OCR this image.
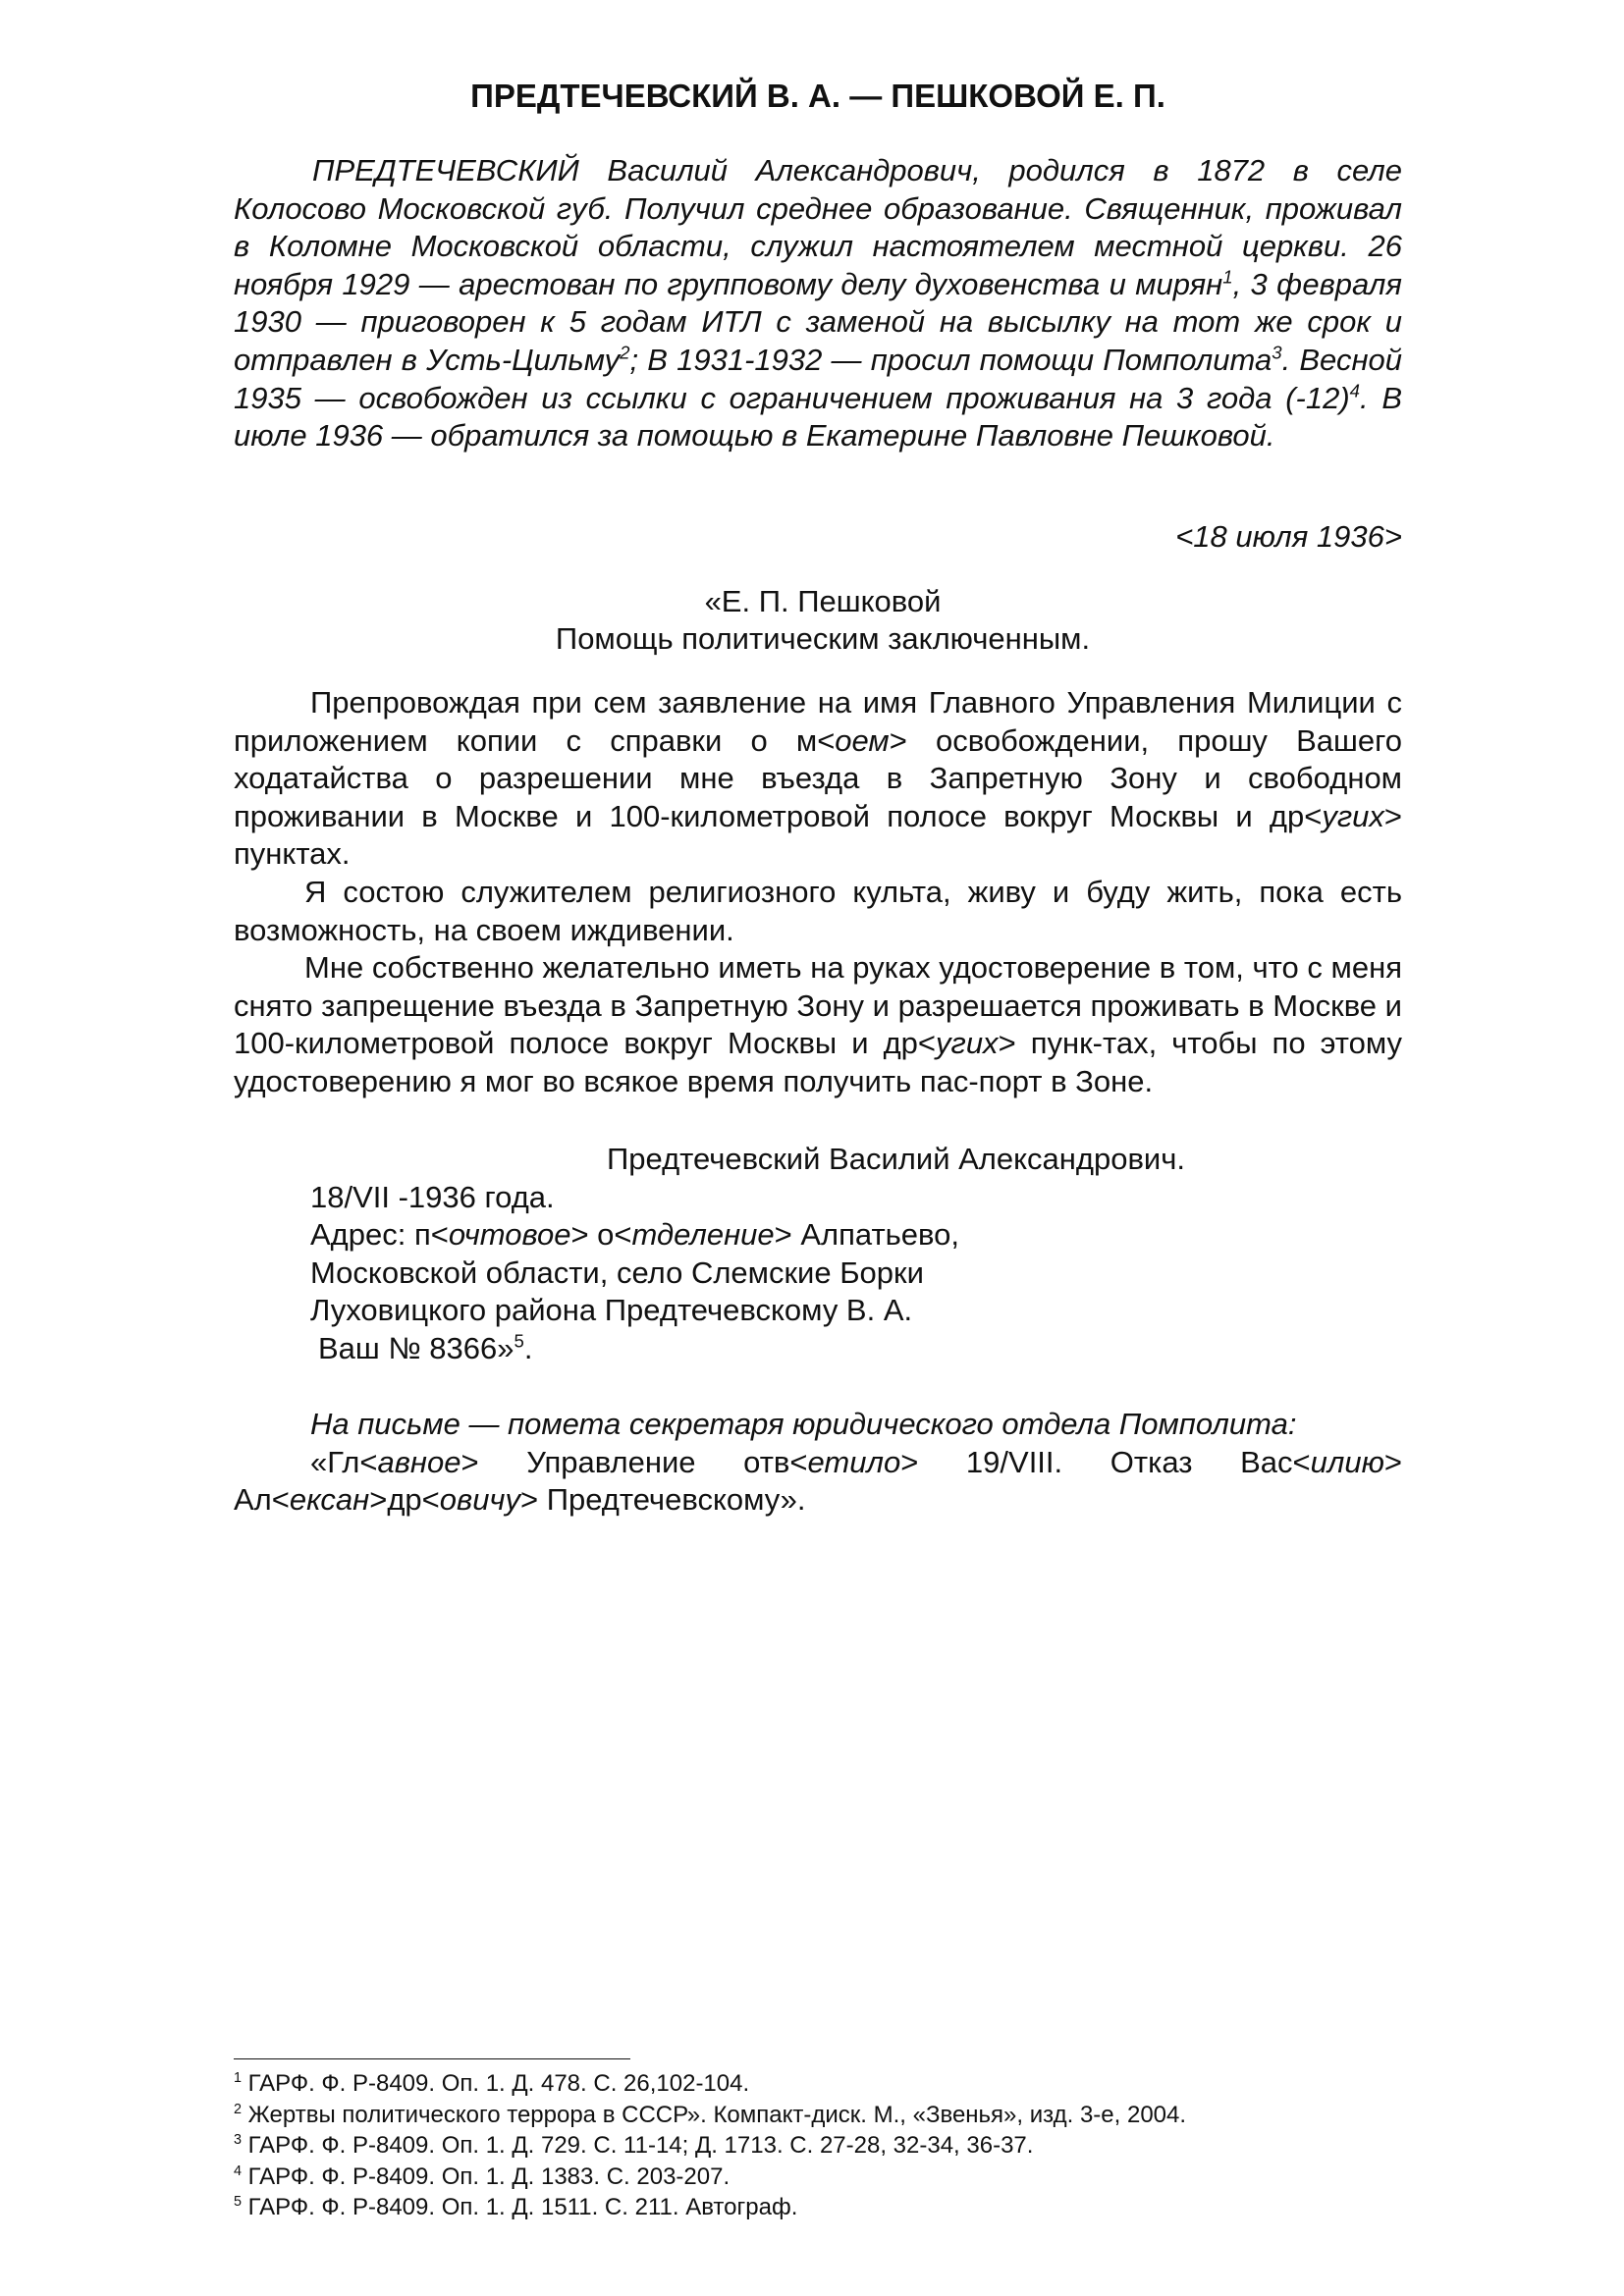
ПРЕДТЕЧЕВСКИЙ В. А. — ПЕШКОВОЙ Е. П.

ПРЕДТЕЧЕВСКИЙ Василий Александрович, родился в 1872 в селе Колосово Московской губ. Получил среднее образование. Священник, проживал в Коломне Московской области, служил настоятелем местной церкви. 26 ноября 1929 — арестован по групповому делу духовенства и мирян$^1$, 3 февраля 1930 — приговорен к 5 годам ИТЛ с заменой на высылку на тот же срок и отправлен в Усть-Цильму$^2$; В 1931-1932 — просил помощи Помполита$^3$. Весной 1935 — освобожден из ссылки с ограничением проживания на 3 года $(-12)^4$. В июле 1936 — обратился за помощью в Екатерине Павловне Пешковой.

<18 июля 1936>
«Е. П. Пешковой
Помощь политическим заключенным.

Препровождая при сем заявление на имя Главного Управления Милиции с приложением копии с справки о м<оем> освобождении, прошу Вашего ходатайства о разрешении мне въезда в Запретную Зону и свободном проживании в Москве и 100-километровой полосе вокруг Москвы и др<угих> пунктах.

Я состою служителем религиозного культа, живу и буду жить, пока есть возможность, на своем иждивении.

Мне собственно желательно иметь на руках удостоверение в том, что с меня снято запрещение въезда в Запретную Зону и разрешается проживать в Москве и 100-километровой полосе вокруг Москвы и др<угих> пунк-тах, чтобы по этому удостоверению я мог во всякое время получить пас-порт в Зоне.

Предтечевский Василий Александрович.
18/VII -1936 года.
Адрес: п<очтовое> о<тделение> Алпатьево,
Московской области, село Слемские Борки
Луховицкого района Предтечевскому В. А.
Ваш № 8366»$^5$.

На письме — помета секретаря юридического отдела Помполита:

«Гл<авное> Управление отв<етило> 19/VIII. Отказ Вас<илию> Ал<ексан>др<овичу> Предтечевскому».

$^1$ ГАРФ. Ф. Р-8409. Оп. 1. Д. 478. С. 26,102-104.
$^2$ Жертвы политического террора в СССР». Компакт-диск. М., «Звенья», изд. 3-е, 2004.
$^3$ ГАРФ. Ф. Р-8409. Оп. 1. Д. 729. С. 11-14; Д. 1713. С. 27-28, 32-34, 36-37.
$^4$ ГАРФ. Ф. Р-8409. Оп. 1. Д. 1383. С. 203-207.
$^5$ ГАРФ. Ф. Р-8409. Оп. 1. Д. 1511. С. 211. Автограф.
